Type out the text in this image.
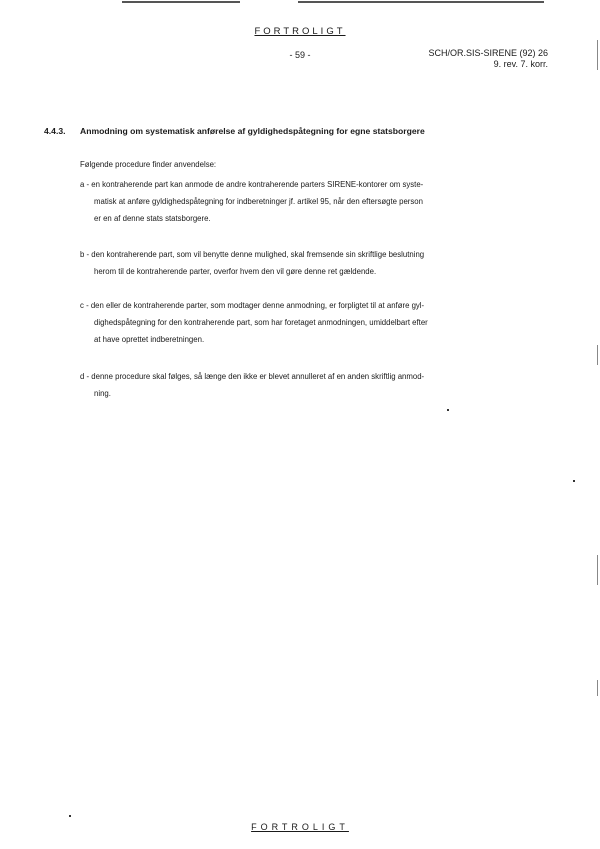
FORTROLIGT
- 59 -	SCH/OR.SIS-SIRENE (92) 26
9. rev. 7. korr.
4.4.3. Anmodning om systematisk anførelse af gyldighedspåtegning for egne statsborgere
Følgende procedure finder anvendelse:
a - en kontraherende part kan anmode de andre kontraherende parters SIRENE-kontorer om syste-
matisk at anføre gyldighedspåtegning for indberetninger jf. artikel 95, når den eftersøgte person
er en af denne stats statsborgere.
b - den kontraherende part, som vil benytte denne mulighed, skal fremsende sin skriftlige beslutning
herom til de kontraherende parter, overfor hvem den vil gøre denne ret gældende.
c - den eller de kontraherende parter, som modtager denne anmodning, er forpligtet til at anføre gyl-
dighedspåtegning for den kontraherende part, som har foretaget anmodningen, umiddelbart efter
at have oprettet indberetningen.
d - denne procedure skal følges, så længe den ikke er blevet annulleret af en anden skriftlig anmod-
ning.
FORTROLIGT
